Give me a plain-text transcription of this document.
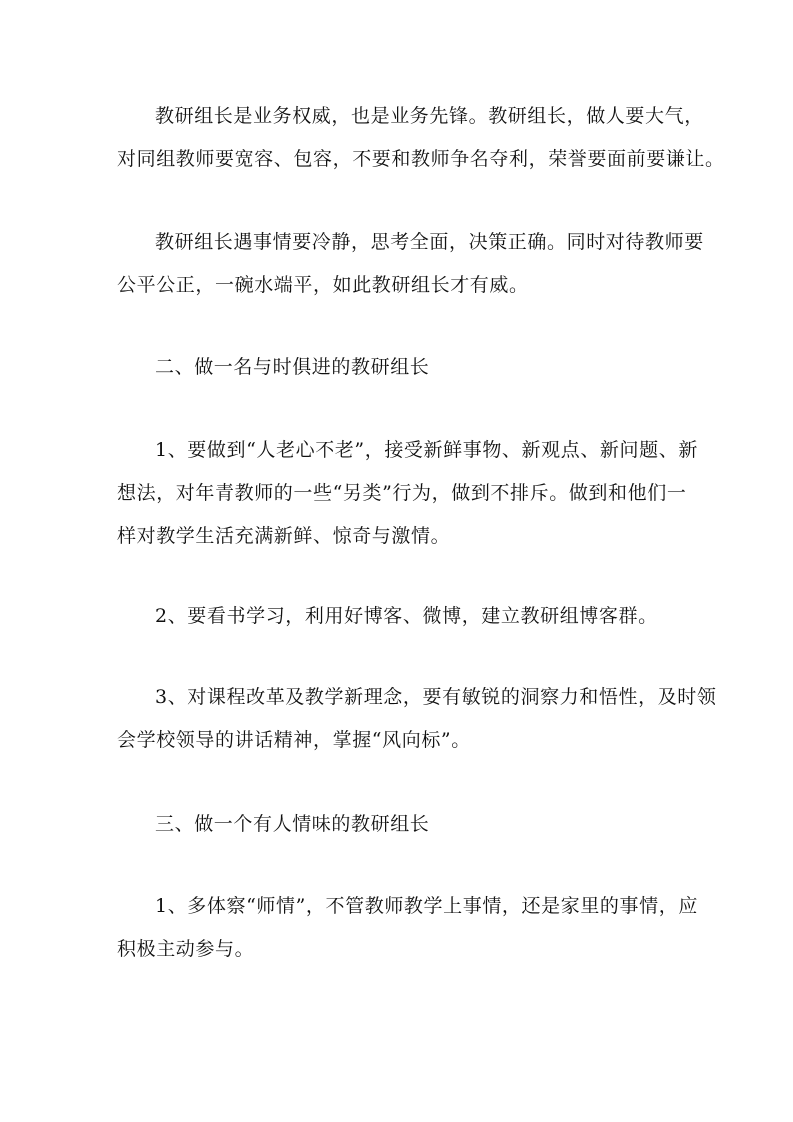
教研组长是业务权威，也是业务先锋。教研组长，做人要大气，
对同组教师要宽容、包容，不要和教师争名夺利，荣誉要面前要谦让。
教研组长遇事情要冷静，思考全面，决策正确。同时对待教师要
公平公正，一碗水端平，如此教研组长才有威。
二、做一名与时俱进的教研组长
1、要做到“人老心不老”，接受新鲜事物、新观点、新问题、新
想法，对年青教师的一些“另类”行为，做到不排斥。做到和他们一
样对教学生活充满新鲜、惊奇与激情。
2、要看书学习，利用好博客、微博，建立教研组博客群。
3、对课程改革及教学新理念，要有敏锐的洞察力和悟性，及时领
会学校领导的讲话精神，掌握“风向标”。
三、做一个有人情味的教研组长
1、多体察“师情”，不管教师教学上事情，还是家里的事情，应
积极主动参与。
